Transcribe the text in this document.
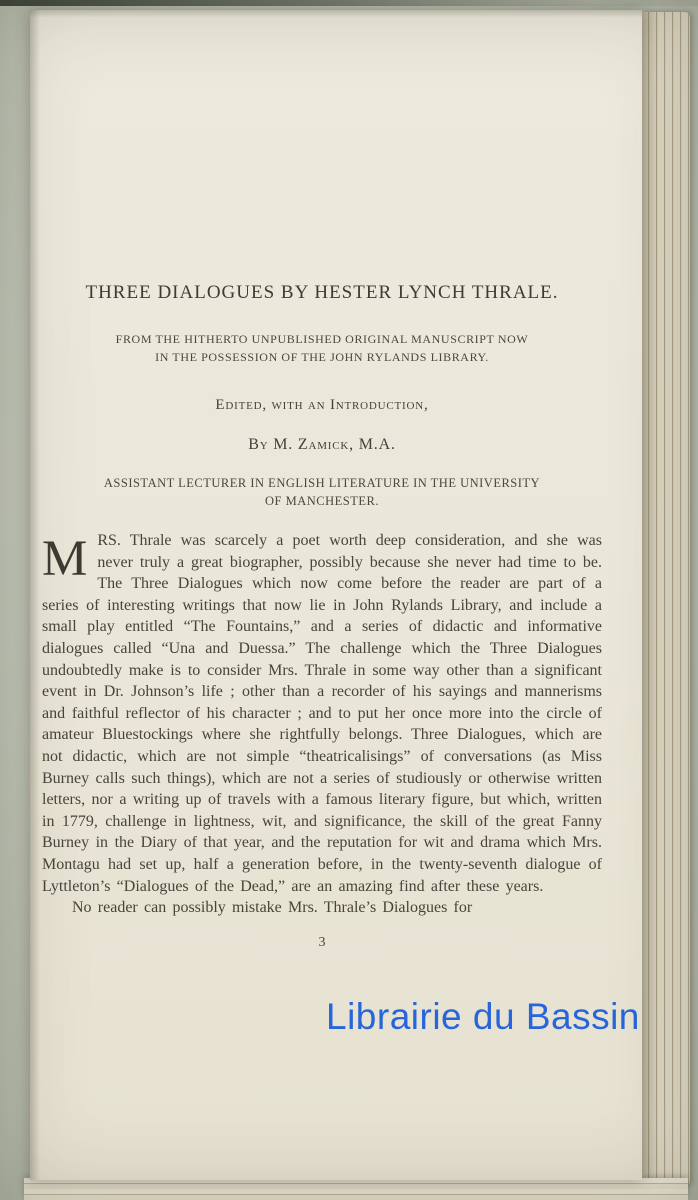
THREE DIALOGUES BY HESTER LYNCH THRALE.
FROM THE HITHERTO UNPUBLISHED ORIGINAL MANUSCRIPT NOW
IN THE POSSESSION OF THE JOHN RYLANDS LIBRARY.
Edited, with an Introduction,
By M. Zamick, M.A.
ASSISTANT LECTURER IN ENGLISH LITERATURE IN THE UNIVERSITY
OF MANCHESTER.

MRS. Thrale was scarcely a poet worth deep consideration, and she was never truly a great biographer, possibly because she never had time to be. The Three Dialogues which now come before the reader are part of a series of interesting writings that now lie in John Rylands Library, and include a small play entitled “The Fountains,” and a series of didactic and informative dialogues called “Una and Duessa.” The challenge which the Three Dialogues undoubtedly make is to consider Mrs. Thrale in some way other than a significant event in Dr. Johnson’s life ; other than a recorder of his sayings and mannerisms and faithful reflector of his character ; and to put her once more into the circle of amateur Bluestockings where she rightfully belongs. Three Dialogues, which are not didactic, which are not simple “theatricalisings” of conversations (as Miss Burney calls such things), which are not a series of studiously or otherwise written letters, nor a writing up of travels with a famous literary figure, but which, written in 1779, challenge in lightness, wit, and significance, the skill of the great Fanny Burney in the Diary of that year, and the reputation for wit and drama which Mrs. Montagu had set up, half a generation before, in the twenty-seventh dialogue of Lyttleton’s “Dialogues of the Dead,” are an amazing find after these years.

No reader can possibly mistake Mrs. Thrale’s Dialogues for

3
Librairie du Bassin
